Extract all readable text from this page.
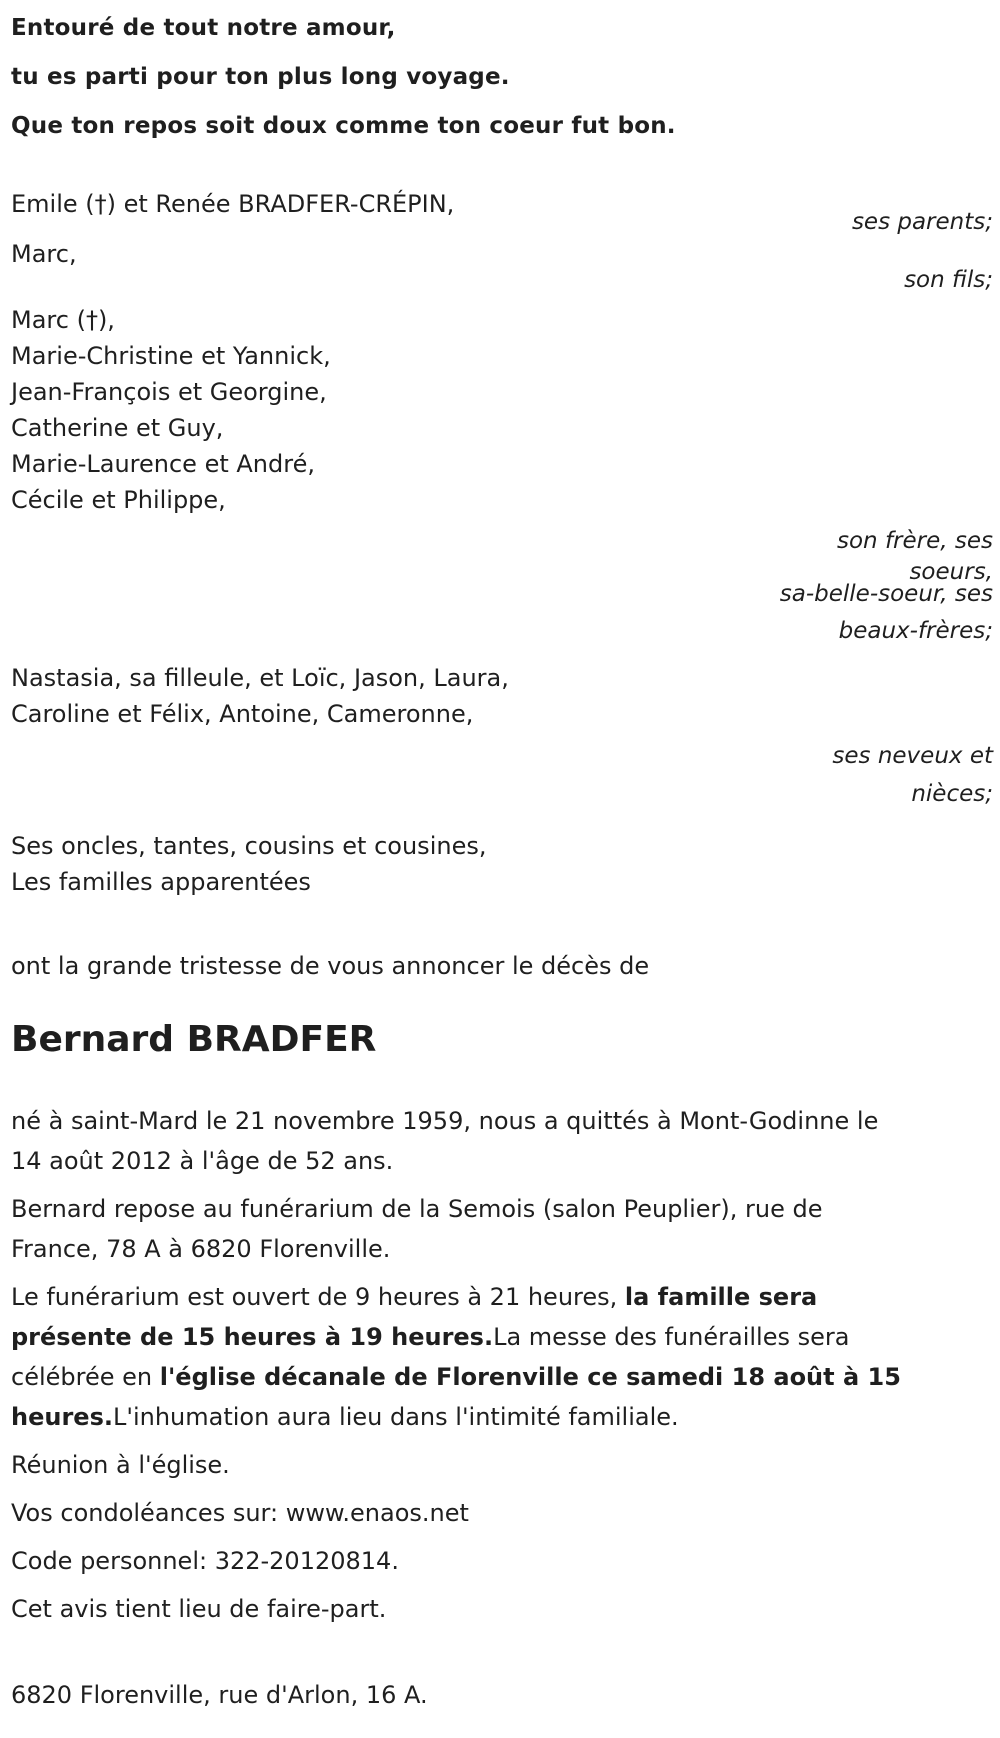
Entouré de tout notre amour,
tu es parti pour ton plus long voyage.
Que ton repos soit doux comme ton coeur fut bon.
Emile (†) et Renée BRADFER-CRÉPIN,
ses parents;
Marc,
son fils;
Marc (†),
Marie-Christine et Yannick,
Jean-François et Georgine,
Catherine et Guy,
Marie-Laurence et André,
Cécile et Philippe,
son frère, ses
soeurs,
sa-belle-soeur, ses
beaux-frères;
Nastasia, sa filleule, et Loïc, Jason, Laura,
Caroline et Félix, Antoine, Cameronne,
ses neveux et
nièces;
Ses oncles, tantes, cousins et cousines,
Les familles apparentées
ont la grande tristesse de vous annoncer le décès de
Bernard BRADFER
né à saint-Mard le 21 novembre 1959, nous a quittés à Mont-Godinne le 14 août 2012 à l'âge de 52 ans.
Bernard repose au funérarium de la Semois (salon Peuplier), rue de France, 78 A à 6820 Florenville.
Le funérarium est ouvert de 9 heures à 21 heures, la famille sera présente de 15 heures à 19 heures.La messe des funérailles sera célébrée en l'église décanale de Florenville ce samedi 18 août à 15 heures.L'inhumation aura lieu dans l'intimité familiale.
Réunion à l'église.
Vos condoléances sur: www.enaos.net
Code personnel: 322-20120814.
Cet avis tient lieu de faire-part.
6820 Florenville, rue d'Arlon, 16 A.
